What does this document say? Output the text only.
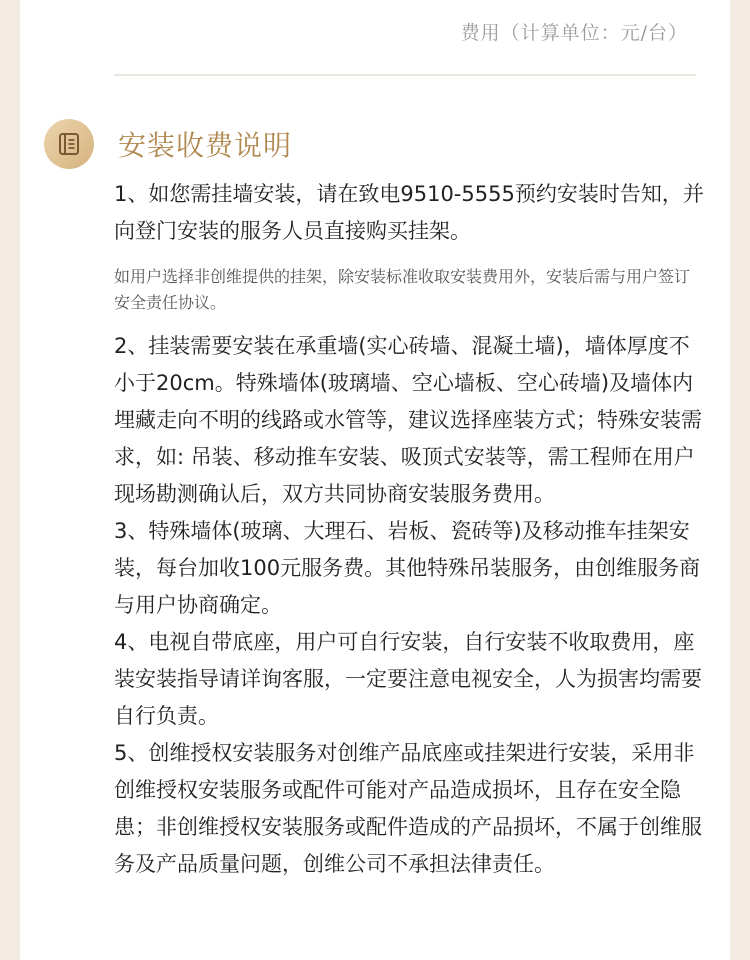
费用（计算单位：元/台）
安装收费说明

1、如您需挂墙安装，请在致电9510-5555预约安装时告知，并向登门安装的服务人员直接购买挂架。

如用户选择非创维提供的挂架，除安装标准收取安装费用外，安装后需与用户签订安全责任协议。

2、挂装需要安装在承重墙(实心砖墙、混凝土墙)，墙体厚度不小于20cm。特殊墙体(玻璃墙、空心墙板、空心砖墙)及墙体内埋藏走向不明的线路或水管等，建议选择座装方式；特殊安装需求，如: 吊装、移动推车安装、吸顶式安装等，需工程师在用户现场勘测确认后，双方共同协商安装服务费用。

3、特殊墙体(玻璃、大理石、岩板、瓷砖等)及移动推车挂架安装，每台加收100元服务费。其他特殊吊装服务，由创维服务商与用户协商确定。

4、电视自带底座，用户可自行安装，自行安装不收取费用，座装安装指导请详询客服，一定要注意电视安全，人为损害均需要自行负责。

5、创维授权安装服务对创维产品底座或挂架进行安装，采用非创维授权安装服务或配件可能对产品造成损坏，且存在安全隐患；非创维授权安装服务或配件造成的产品损坏，不属于创维服务及产品质量问题，创维公司不承担法律责任。
